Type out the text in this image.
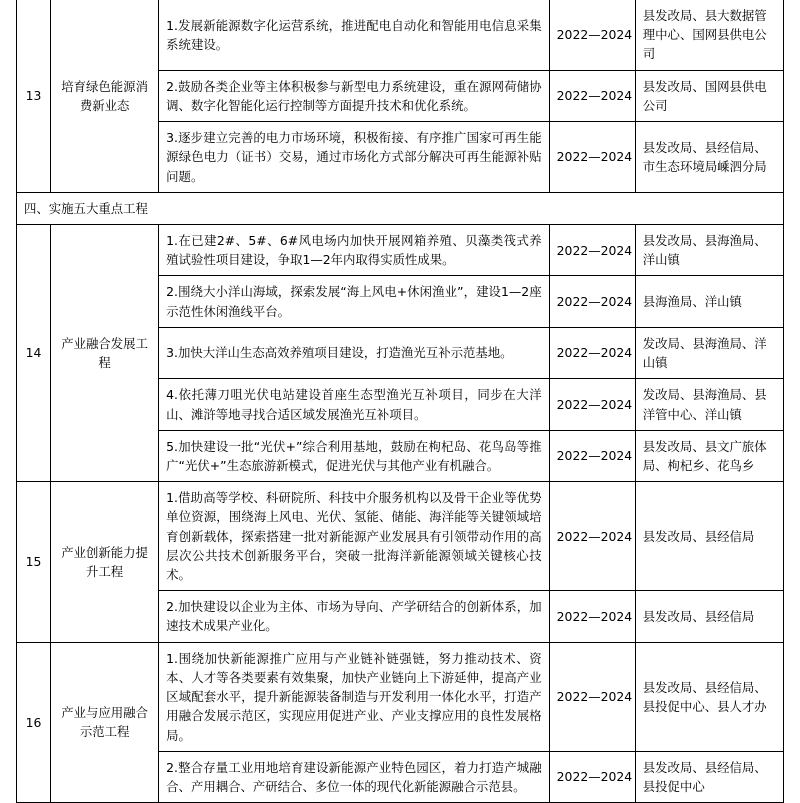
13	培育绿色能源消费新业态	1.发展新能源数字化运营系统，推进配电自动化和智能用电信息采集系统建设。	2022—2024	县发改局、县大数据管理中心、国网县供电公司
		2.鼓励各类企业等主体积极参与新型电力系统建设，重在源网荷储协调、数字化智能化运行控制等方面提升技术和优化系统。	2022—2024	县发改局、国网县供电公司
		3.逐步建立完善的电力市场环境，积极衔接、有序推广国家可再生能源绿色电力（证书）交易，通过市场化方式部分解决可再生能源补贴问题。	2022—2024	县发改局、县经信局、市生态环境局嵊泗分局
四、实施五大重点工程				
14	产业融合发展工程	1.在已建2#、5#、6#风电场内加快开展网箱养殖、贝藻类筏式养殖试验性项目建设，争取1—2年内取得实质性成果。	2022—2024	县发改局、县海渔局、洋山镇
		2.围绕大小洋山海域，探索发展“海上风电+休闲渔业”，建设1—2座示范性休闲渔线平台。	2022—2024	县海渔局、洋山镇
		3.加快大洋山生态高效养殖项目建设，打造渔光互补示范基地。	2022—2024	发改局、县海渔局、洋山镇
		4.依托薄刀咀光伏电站建设首座生态型渔光互补项目，同步在大洋山、滩浒等地寻找合适区域发展渔光互补项目。	2022—2024	发改局、县海渔局、县洋管中心、洋山镇
		5.加快建设一批“光伏+”综合利用基地，鼓励在枸杞岛、花鸟岛等推广“光伏+”生态旅游新模式，促进光伏与其他产业有机融合。	2022—2024	县发改局、县文广旅体局、枸杞乡、花鸟乡
15	产业创新能力提升工程	1.借助高等学校、科研院所、科技中介服务机构以及骨干企业等优势单位资源，围绕海上风电、光伏、氢能、储能、海洋能等关键领域培育创新载体，探索搭建一批对新能源产业发展具有引领带动作用的高层次公共技术创新服务平台，突破一批海洋新能源领域关键核心技术。	2022—2024	县发改局、县经信局
		2.加快建设以企业为主体、市场为导向、产学研结合的创新体系，加速技术成果产业化。	2022—2024	县发改局、县经信局
16	产业与应用融合示范工程	1.围绕加快新能源推广应用与产业链补链强链，努力推动技术、资本、人才等各类要素有效集聚，加快产业链向上下游延伸，提高产业区域配套水平，提升新能源装备制造与开发利用一体化水平，打造产用融合发展示范区，实现应用促进产业、产业支撑应用的良性发展格局。	2022—2024	县发改局、县经信局、县投促中心、县人才办
		2.整合存量工业用地培育建设新能源产业特色园区，着力打造产城融合、产用耦合、产研结合、多位一体的现代化新能源融合示范县。	2022—2024	县发改局、县经信局、县投促中心
